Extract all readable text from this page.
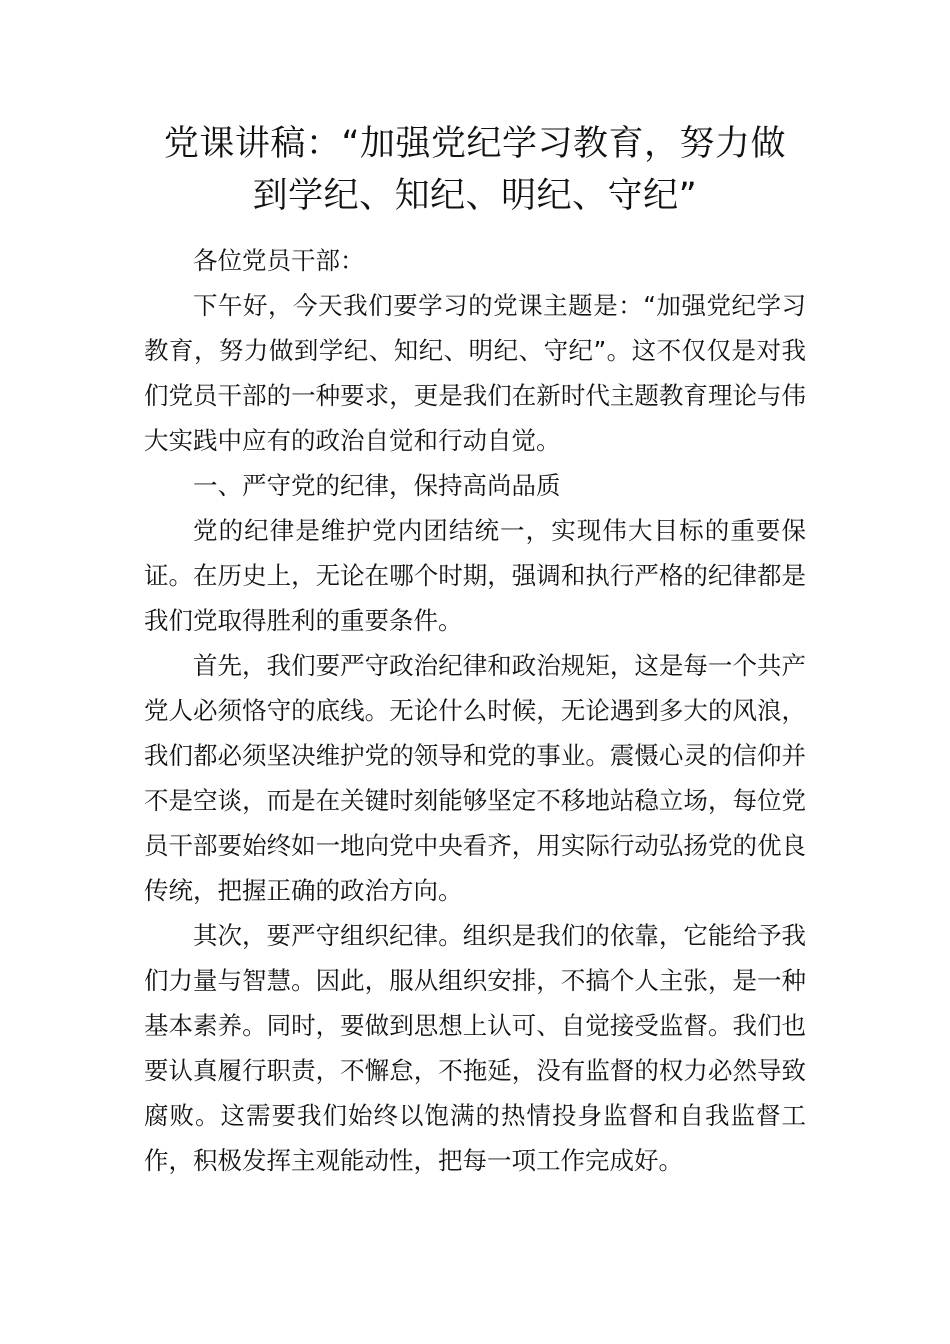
党课讲稿：“加强党纪学习教育，努力做
到学纪、知纪、明纪、守纪”

各位党员干部：

下午好，今天我们要学习的党课主题是：“加强党纪学习教育，努力做到学纪、知纪、明纪、守纪”。这不仅仅是对我们党员干部的一种要求，更是我们在新时代主题教育理论与伟大实践中应有的政治自觉和行动自觉。

一、严守党的纪律，保持高尚品质

党的纪律是维护党内团结统一，实现伟大目标的重要保证。在历史上，无论在哪个时期，强调和执行严格的纪律都是我们党取得胜利的重要条件。

首先，我们要严守政治纪律和政治规矩，这是每一个共产党人必须恪守的底线。无论什么时候，无论遇到多大的风浪，我们都必须坚决维护党的领导和党的事业。震慑心灵的信仰并不是空谈，而是在关键时刻能够坚定不移地站稳立场，每位党员干部要始终如一地向党中央看齐，用实际行动弘扬党的优良传统，把握正确的政治方向。

其次，要严守组织纪律。组织是我们的依靠，它能给予我们力量与智慧。因此，服从组织安排，不搞个人主张，是一种基本素养。同时，要做到思想上认可、自觉接受监督。我们也要认真履行职责，不懈怠，不拖延，没有监督的权力必然导致腐败。这需要我们始终以饱满的热情投身监督和自我监督工作，积极发挥主观能动性，把每一项工作完成好。
